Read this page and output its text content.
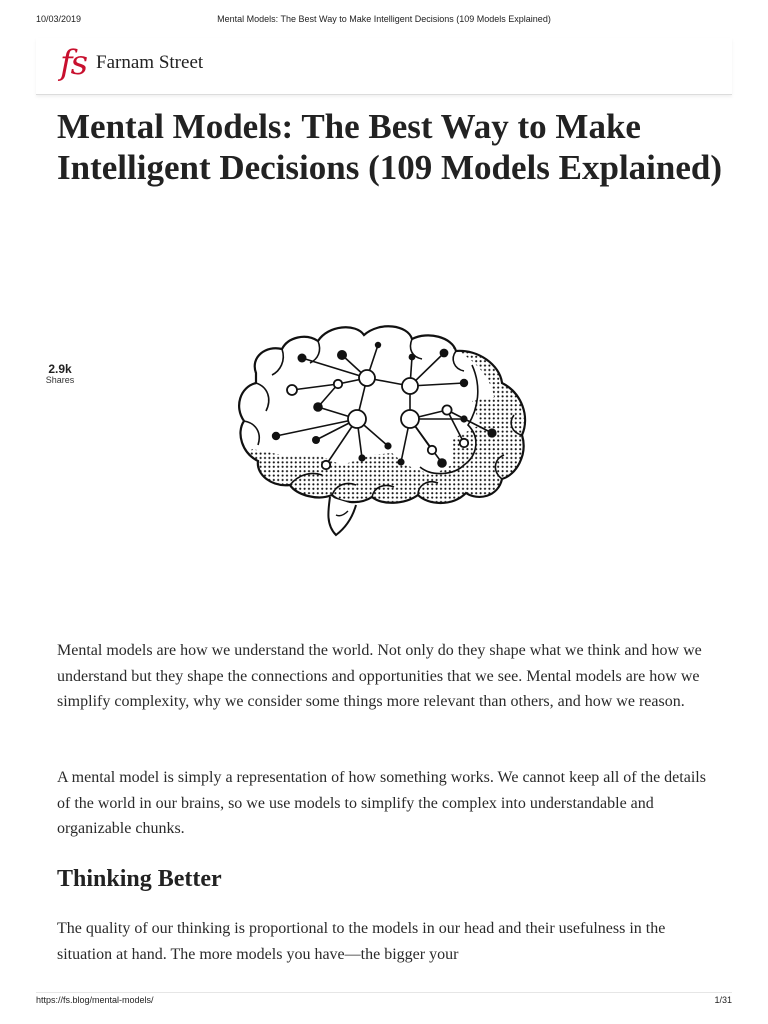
10/03/2019	Mental Models: The Best Way to Make Intelligent Decisions (109 Models Explained)
fs Farnam Street
Mental Models: The Best Way to Make Intelligent Decisions (109 Models Explained)
2.9k
Shares

Mental models are how we understand the world. Not only do they shape what we think and how we understand but they shape the connections and opportunities that we see. Mental models are how we simplify complexity, why we consider some things more relevant than others, and how we reason.

A mental model is simply a representation of how something works. We cannot keep all of the details of the world in our brains, so we use models to simplify the complex into understandable and organizable chunks.

Thinking Better

The quality of our thinking is proportional to the models in our head and their usefulness in the situation at hand. The more models you have—the bigger your

https://fs.blog/mental-models/	1/31
